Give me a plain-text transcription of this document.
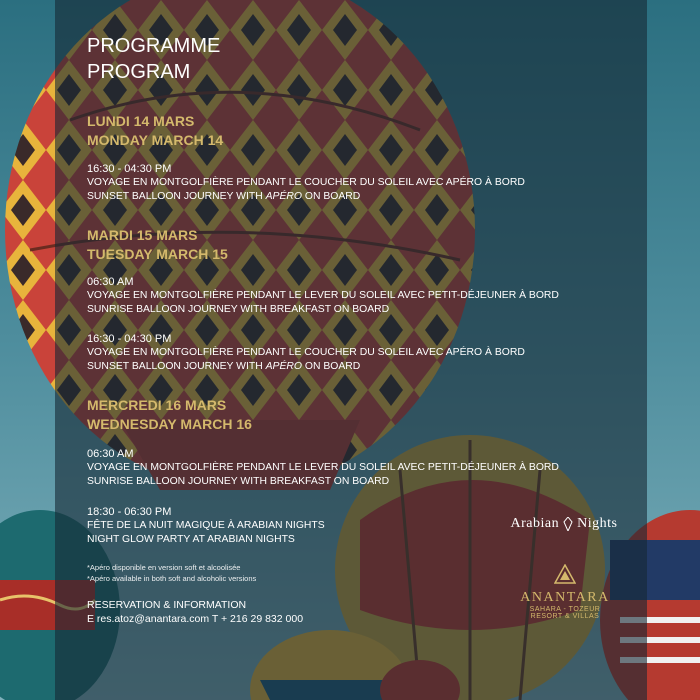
PROGRAMME
PROGRAM
LUNDI 14 MARS
MONDAY MARCH 14
16:30 - 04:30 PM
VOYAGE EN MONTGOLFIÈRE PENDANT LE COUCHER DU SOLEIL AVEC APÉRO À BORD
SUNSET BALLOON JOURNEY WITH APÉRO ON BOARD
MARDI 15 MARS
TUESDAY MARCH 15
06:30 AM
VOYAGE EN MONTGOLFIÈRE PENDANT LE LEVER DU SOLEIL AVEC PETIT-DÉJEUNER À BORD
SUNRISE BALLOON JOURNEY WITH BREAKFAST ON BOARD
16:30 - 04:30 PM
VOYAGE EN MONTGOLFIÈRE PENDANT LE COUCHER DU SOLEIL AVEC APÉRO À BORD
SUNSET BALLOON JOURNEY WITH APÉRO ON BOARD
MERCREDI 16 MARS
WEDNESDAY MARCH 16
06:30 AM
VOYAGE EN MONTGOLFIÈRE PENDANT LE LEVER DU SOLEIL AVEC PETIT-DÉJEUNER À BORD
SUNRISE BALLOON JOURNEY WITH BREAKFAST ON BOARD
18:30 - 06:30 PM
FÊTE DE LA NUIT MAGIQUE À ARABIAN NIGHTS
NIGHT GLOW PARTY AT ARABIAN NIGHTS
*Apéro disponible en version soft et alcoolisée
*Apéro available in both soft and alcoholic versions
RESERVATION & INFORMATION
E res.atoz@anantara.com T + 216 29 832 000
Arabian Nights
ANANTARA
SAHARA - TOZEUR
RESORT & VILLAS
